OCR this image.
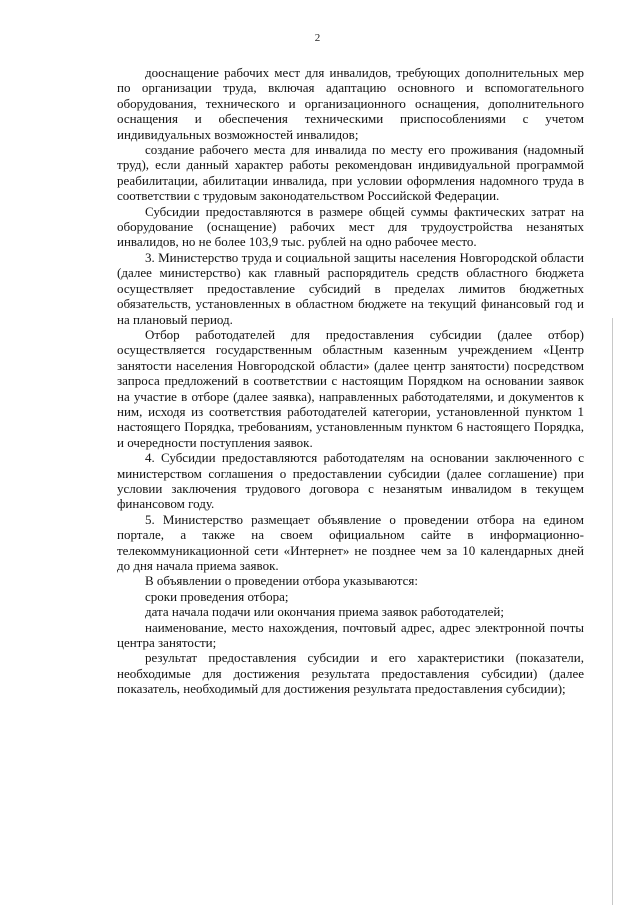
2

дооснащение рабочих мест для инвалидов, требующих дополнительных мер по организации труда, включая адаптацию основного и вспомогательного оборудования, технического и организационного оснащения, дополнительного оснащения и обеспечения техническими приспособлениями с учетом индивидуальных возможностей инвалидов;

создание рабочего места для инвалида по месту его проживания (надомный труд), если данный характер работы рекомендован индивидуальной программой реабилитации, абилитации инвалида, при условии оформления надомного труда в соответствии с трудовым законодательством Российской Федерации.

Субсидии предоставляются в размере общей суммы фактических затрат на оборудование (оснащение) рабочих мест для трудоустройства незанятых инвалидов, но не более 103,9 тыс. рублей на одно рабочее место.

3. Министерство труда и социальной защиты населения Новгородской области (далее министерство) как главный распорядитель средств областного бюджета осуществляет предоставление субсидий в пределах лимитов бюджетных обязательств, установленных в областном бюджете на текущий финансовый год и на плановый период.

Отбор работодателей для предоставления субсидии (далее отбор) осуществляется государственным областным казенным учреждением «Центр занятости населения Новгородской области» (далее центр занятости) посредством запроса предложений в соответствии с настоящим Порядком на основании заявок на участие в отборе (далее заявка), направленных работодателями, и документов к ним, исходя из соответствия работодателей категории, установленной пунктом 1 настоящего Порядка, требованиям, установленным пунктом 6 настоящего Порядка, и очередности поступления заявок.

4. Субсидии предоставляются работодателям на основании заключенного с министерством соглашения о предоставлении субсидии (далее соглашение) при условии заключения трудового договора с незанятым инвалидом в текущем финансовом году.

5. Министерство размещает объявление о проведении отбора на едином портале, а также на своем официальном сайте в информационно-телекоммуникационной сети «Интернет» не позднее чем за 10 календарных дней до дня начала приема заявок.

В объявлении о проведении отбора указываются:

сроки проведения отбора;

дата начала подачи или окончания приема заявок работодателей;

наименование, место нахождения, почтовый адрес, адрес электронной почты центра занятости;

результат предоставления субсидии и его характеристики (показатели, необходимые для достижения результата предоставления субсидии) (далее показатель, необходимый для достижения результата предоставления субсидии);
